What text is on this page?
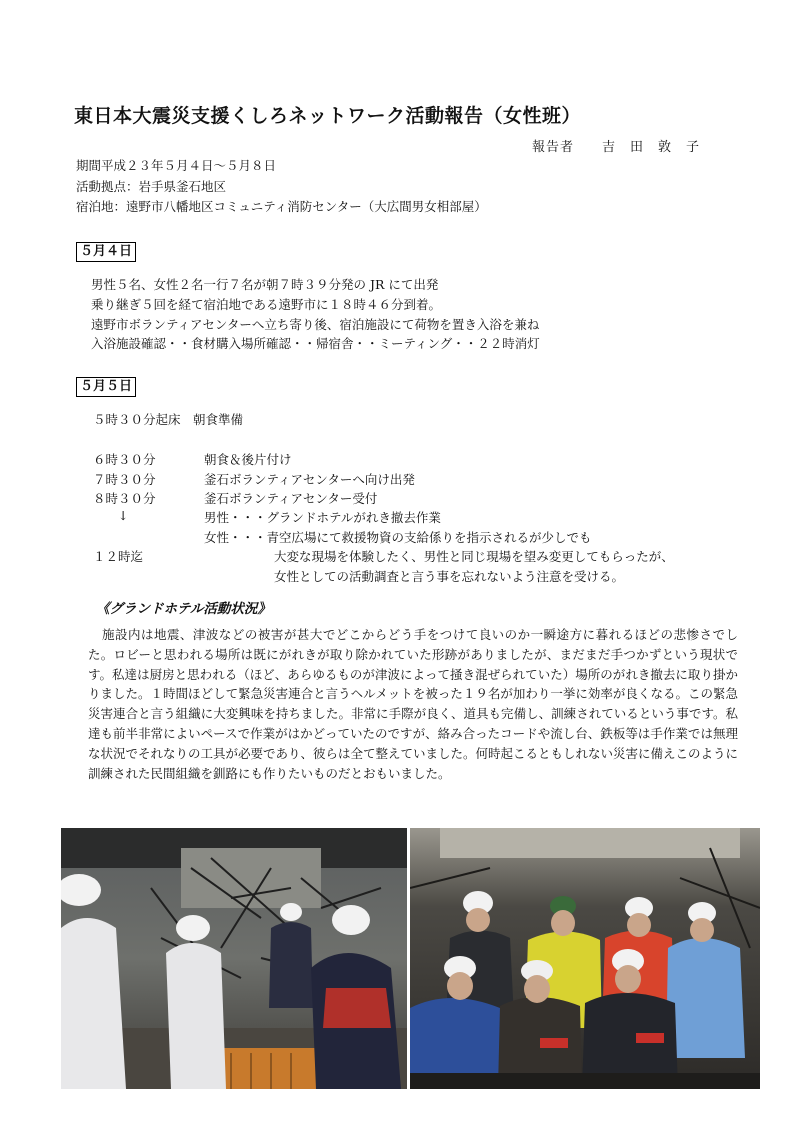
東日本大震災支援くしろネットワーク活動報告（女性班）
報告者　　吉　田　敦　子
期間平成２３年５月４日〜５月８日
活動拠点：岩手県釜石地区
宿泊地：遠野市八幡地区コミュニティ消防センター（大広間男女相部屋）
５月４日
男性５名、女性２名一行７名が朝７時３９分発の JR にて出発
乗り継ぎ５回を経て宿泊地である遠野市に１８時４６分到着。
遠野市ボランティアセンターへ立ち寄り後、宿泊施設にて荷物を置き入浴を兼ね
入浴施設確認・・食材購入場所確認・・帰宿舎・・ミーティング・・２２時消灯
５月５日
５時３０分起床　朝食準備
６時３０分	朝食＆後片付け
７時３０分	釜石ボランティアセンターへ向け出発
８時３０分	釜石ボランティアセンター受付
↓	男性・・・グランドホテルがれき撤去作業
女性・・・青空広場にて救援物資の支給係りを指示されるが少しでも
１２時迄	大変な現場を体験したく、男性と同じ現場を望み変更してもらったが、
女性としての活動調査と言う事を忘れないよう注意を受ける。
《グランドホテル活動状況》
施設内は地震、津波などの被害が甚大でどこからどう手をつけて良いのか一瞬途方に暮れるほどの悲惨さでした。ロビーと思われる場所は既にがれきが取り除かれていた形跡がありましたが、まだまだ手つかずという現状です。私達は厨房と思われる（ほど、あらゆるものが津波によって掻き混ぜられていた）場所のがれき撤去に取り掛かりました。１時間ほどして緊急災害連合と言うヘルメットを被った１９名が加わり一挙に効率が良くなる。この緊急災害連合と言う組織に大変興味を持ちました。非常に手際が良く、道具も完備し、訓練されているという事です。私達も前半非常によいペースで作業がはかどっていたのですが、絡み合ったコードや流し台、鉄板等は手作業では無理な状況でそれなりの工具が必要であり、彼らは全て整えていました。何時起こるともしれない災害に備えこのように訓練された民間組織を釧路にも作りたいものだとおもいました。
